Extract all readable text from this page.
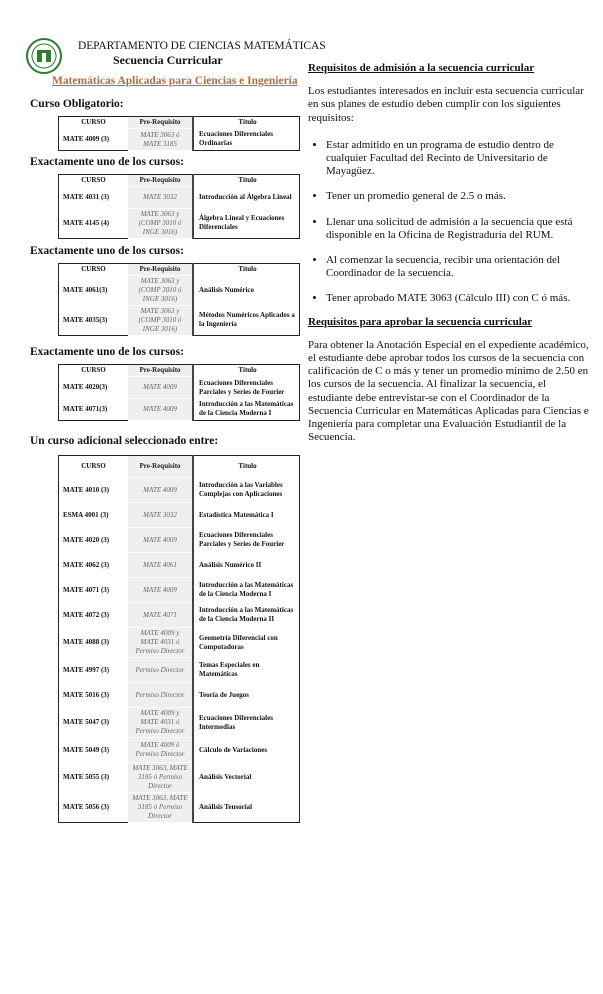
DEPARTAMENTO DE CIENCIAS MATEMÁTICAS
Secuencia Curricular
Matemáticas Aplicadas para Ciencias e Ingeniería

Curso Obligatorio:

CURSO	Pre-Requisito	Título
MATE 4009 (3)	MATE 3063 ó MATE 3185	Ecuaciones Diferenciales Ordinarias

Exactamente uno de los cursos:

CURSO	Pre-Requisito	Título
MATE 4031 (3)	MATE 3032	Introducción al Álgebra Lineal
MATE 4145 (4)	MATE 3063 y (COMP 3010 ó INGE 3016)	Álgebra Lineal y Ecuaciones Diferenciales

Exactamente uno de los cursos:

CURSO	Pre-Requisito	Título
MATE 4061(3)	MATE 3063 y (COMP 3010 ó INGE 3016)	Análisis Numérico
MATE 4035(3)	MATE 3063 y (COMP 3010 ó INGE 3016)	Métodos Numéricos Aplicados a la Ingeniería

Exactamente uno de los cursos:

CURSO	Pre-Requisito	Título
MATE 4020(3)	MATE 4009	Ecuaciones Diferenciales Parciales y Series de Fourier
MATE 4071(3)	MATE 4009	Introducción a las Matemáticas de la Ciencia Moderna I

Un curso adicional seleccionado entre:

CURSO	Pre-Requisito	Título
MATE 4010 (3)	MATE 4009	Introducción a las Variables Complejas con Aplicaciones
ESMA 4001 (3)	MATE 3032	Estadística Matemática I
MATE 4020 (3)	MATE 4009	Ecuaciones Diferenciales Parciales y Series de Fourier
MATE 4062 (3)	MATE 4061	Análisis Numérico II
MATE 4071 (3)	MATE 4009	Introducción a las Matemáticas de la Ciencia Moderna I
MATE 4072 (3)	MATE 4071	Introducción a las Matemáticas de la Ciencia Moderna II
MATE 4088 (3)	MATE 4009 y MATE 4031 ó Permiso Director	Geometría Diferencial con Computadoras
MATE 4997 (3)	Permiso Director	Temas Especiales en Matemáticas
MATE 5016 (3)	Permiso Director	Teoría de Juegos
MATE 5047 (3)	MATE 4009 y MATE 4031 ó Permiso Director	Ecuaciones Diferenciales Intermedias
MATE 5049 (3)	MATE 4009 ó Permiso Director	Cálculo de Variaciones
MATE 5055 (3)	MATE 3063, MATE 3185 ó Permiso Director	Análisis Vectorial
MATE 5056 (3)	MATE 3063, MATE 3185 ó Permiso Director	Análisis Tensorial

Requisitos de admisión a la secuencia curricular

Los estudiantes interesados en incluir esta secuencia curricular en sus planes de estudio deben cumplir con los siguientes requisitos:

• Estar admitido en un programa de estudio dentro de cualquier Facultad del Recinto de Universitario de Mayagüez.
• Tener un promedio general de 2.5 o más.
• Llenar una solicitud de admisión a la secuencia que está disponible en la Oficina de Registraduría del RUM.
• Al comenzar la secuencia, recibir una orientación del Coordinador de la secuencia.
• Tener aprobado MATE 3063 (Cálculo III) con C ó más.

Requisitos para aprobar la secuencia curricular

Para obtener la Anotación Especial en el expediente académico, el estudiante debe aprobar todos los cursos de la secuencia con calificación de C o más y tener un promedio mínimo de 2.50 en los cursos de la secuencia. Al finalizar la secuencia, el estudiante debe entrevistar-se con el Coordinador de la Secuencia Curricular en Matemáticas Aplicadas para Ciencias e Ingeniería para completar una Evaluación Estudiantil de la Secuencia.
